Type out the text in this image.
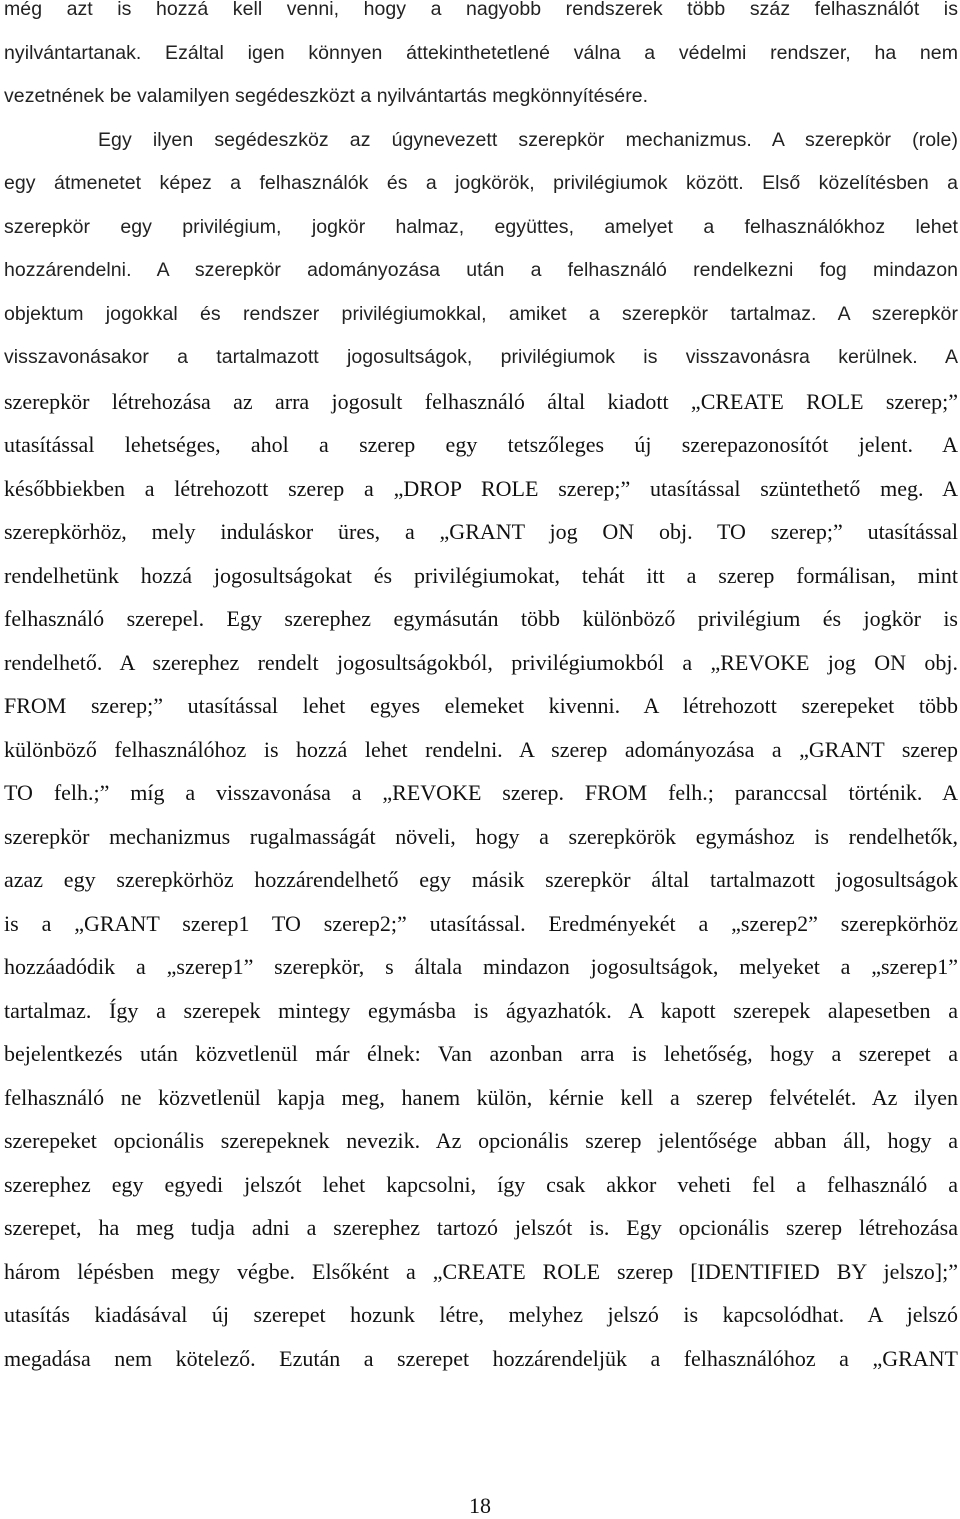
még azt is hozzá kell venni, hogy a nagyobb rendszerek több száz felhasználót is
nyilvántartanak. Ezáltal igen könnyen áttekinthetetlené válna a védelmi rendszer, ha nem
vezetnének be valamilyen segédeszközt a nyilvántartás megkönnyítésére.
Egy ilyen segédeszköz az úgynevezett szerepkör mechanizmus. A szerepkör (role)
egy átmenetet képez a felhasználók és a jogkörök, privilégiumok között. Első közelítésben a
szerepkör egy privilégium, jogkör halmaz, együttes, amelyet a felhasználókhoz lehet
hozzárendelni. A szerepkör adományozása után a felhasználó rendelkezni fog mindazon
objektum jogokkal és rendszer privilégiumokkal, amiket a szerepkör tartalmaz. A szerepkör
visszavonásakor a tartalmazott jogosultságok, privilégiumok is visszavonásra kerülnek. A
szerepkör létrehozása az arra jogosult felhasználó által kiadott „CREATE ROLE szerep;”
utasítással lehetséges, ahol a szerep egy tetszőleges új szerepazonosítót jelent. A
későbbiekben a létrehozott szerep a „DROP ROLE szerep;” utasítással szüntethető meg. A
szerepkörhöz, mely induláskor üres, a „GRANT jog ON obj. TO szerep;” utasítással
rendelhetünk hozzá jogosultságokat és privilégiumokat, tehát itt a szerep formálisan, mint
felhasználó szerepel. Egy szerephez egymásután több különböző privilégium és jogkör is
rendelhető. A szerephez rendelt jogosultságokból, privilégiumokból a „REVOKE jog ON obj.
FROM szerep;” utasítással lehet egyes elemeket kivenni. A létrehozott szerepeket több
különböző felhasználóhoz is hozzá lehet rendelni. A szerep adományozása a „GRANT szerep
TO felh.;” míg a visszavonása a „REVOKE szerep. FROM felh.; paranccsal történik. A
szerepkör mechanizmus rugalmasságát növeli, hogy a szerepkörök egymáshoz is rendelhetők,
azaz egy szerepkörhöz hozzárendelhető egy másik szerepkör által tartalmazott jogosultságok
is a „GRANT szerep1 TO szerep2;” utasítással. Eredményekét a „szerep2” szerepkörhöz
hozzáadódik a „szerep1” szerepkör, s általa mindazon jogosultságok, melyeket a „szerep1”
tartalmaz. Így a szerepek mintegy egymásba is ágyazhatók. A kapott szerepek alapesetben a
bejelentkezés után közvetlenül már élnek: Van azonban arra is lehetőség, hogy a szerepet a
felhasználó ne közvetlenül kapja meg, hanem külön, kérnie kell a szerep felvételét. Az ilyen
szerepeket opcionális szerepeknek nevezik. Az opcionális szerep jelentősége abban áll, hogy a
szerephez egy egyedi jelszót lehet kapcsolni, így csak akkor veheti fel a felhasználó a
szerepet, ha meg tudja adni a szerephez tartozó jelszót is. Egy opcionális szerep létrehozása
három lépésben megy végbe. Elsőként a „CREATE ROLE szerep [IDENTIFIED BY jelszo];”
utasítás kiadásával új szerepet hozunk létre, melyhez jelszó is kapcsolódhat. A jelszó
megadása nem kötelező. Ezután a szerepet hozzárendeljük a felhasználóhoz a „GRANT
18
